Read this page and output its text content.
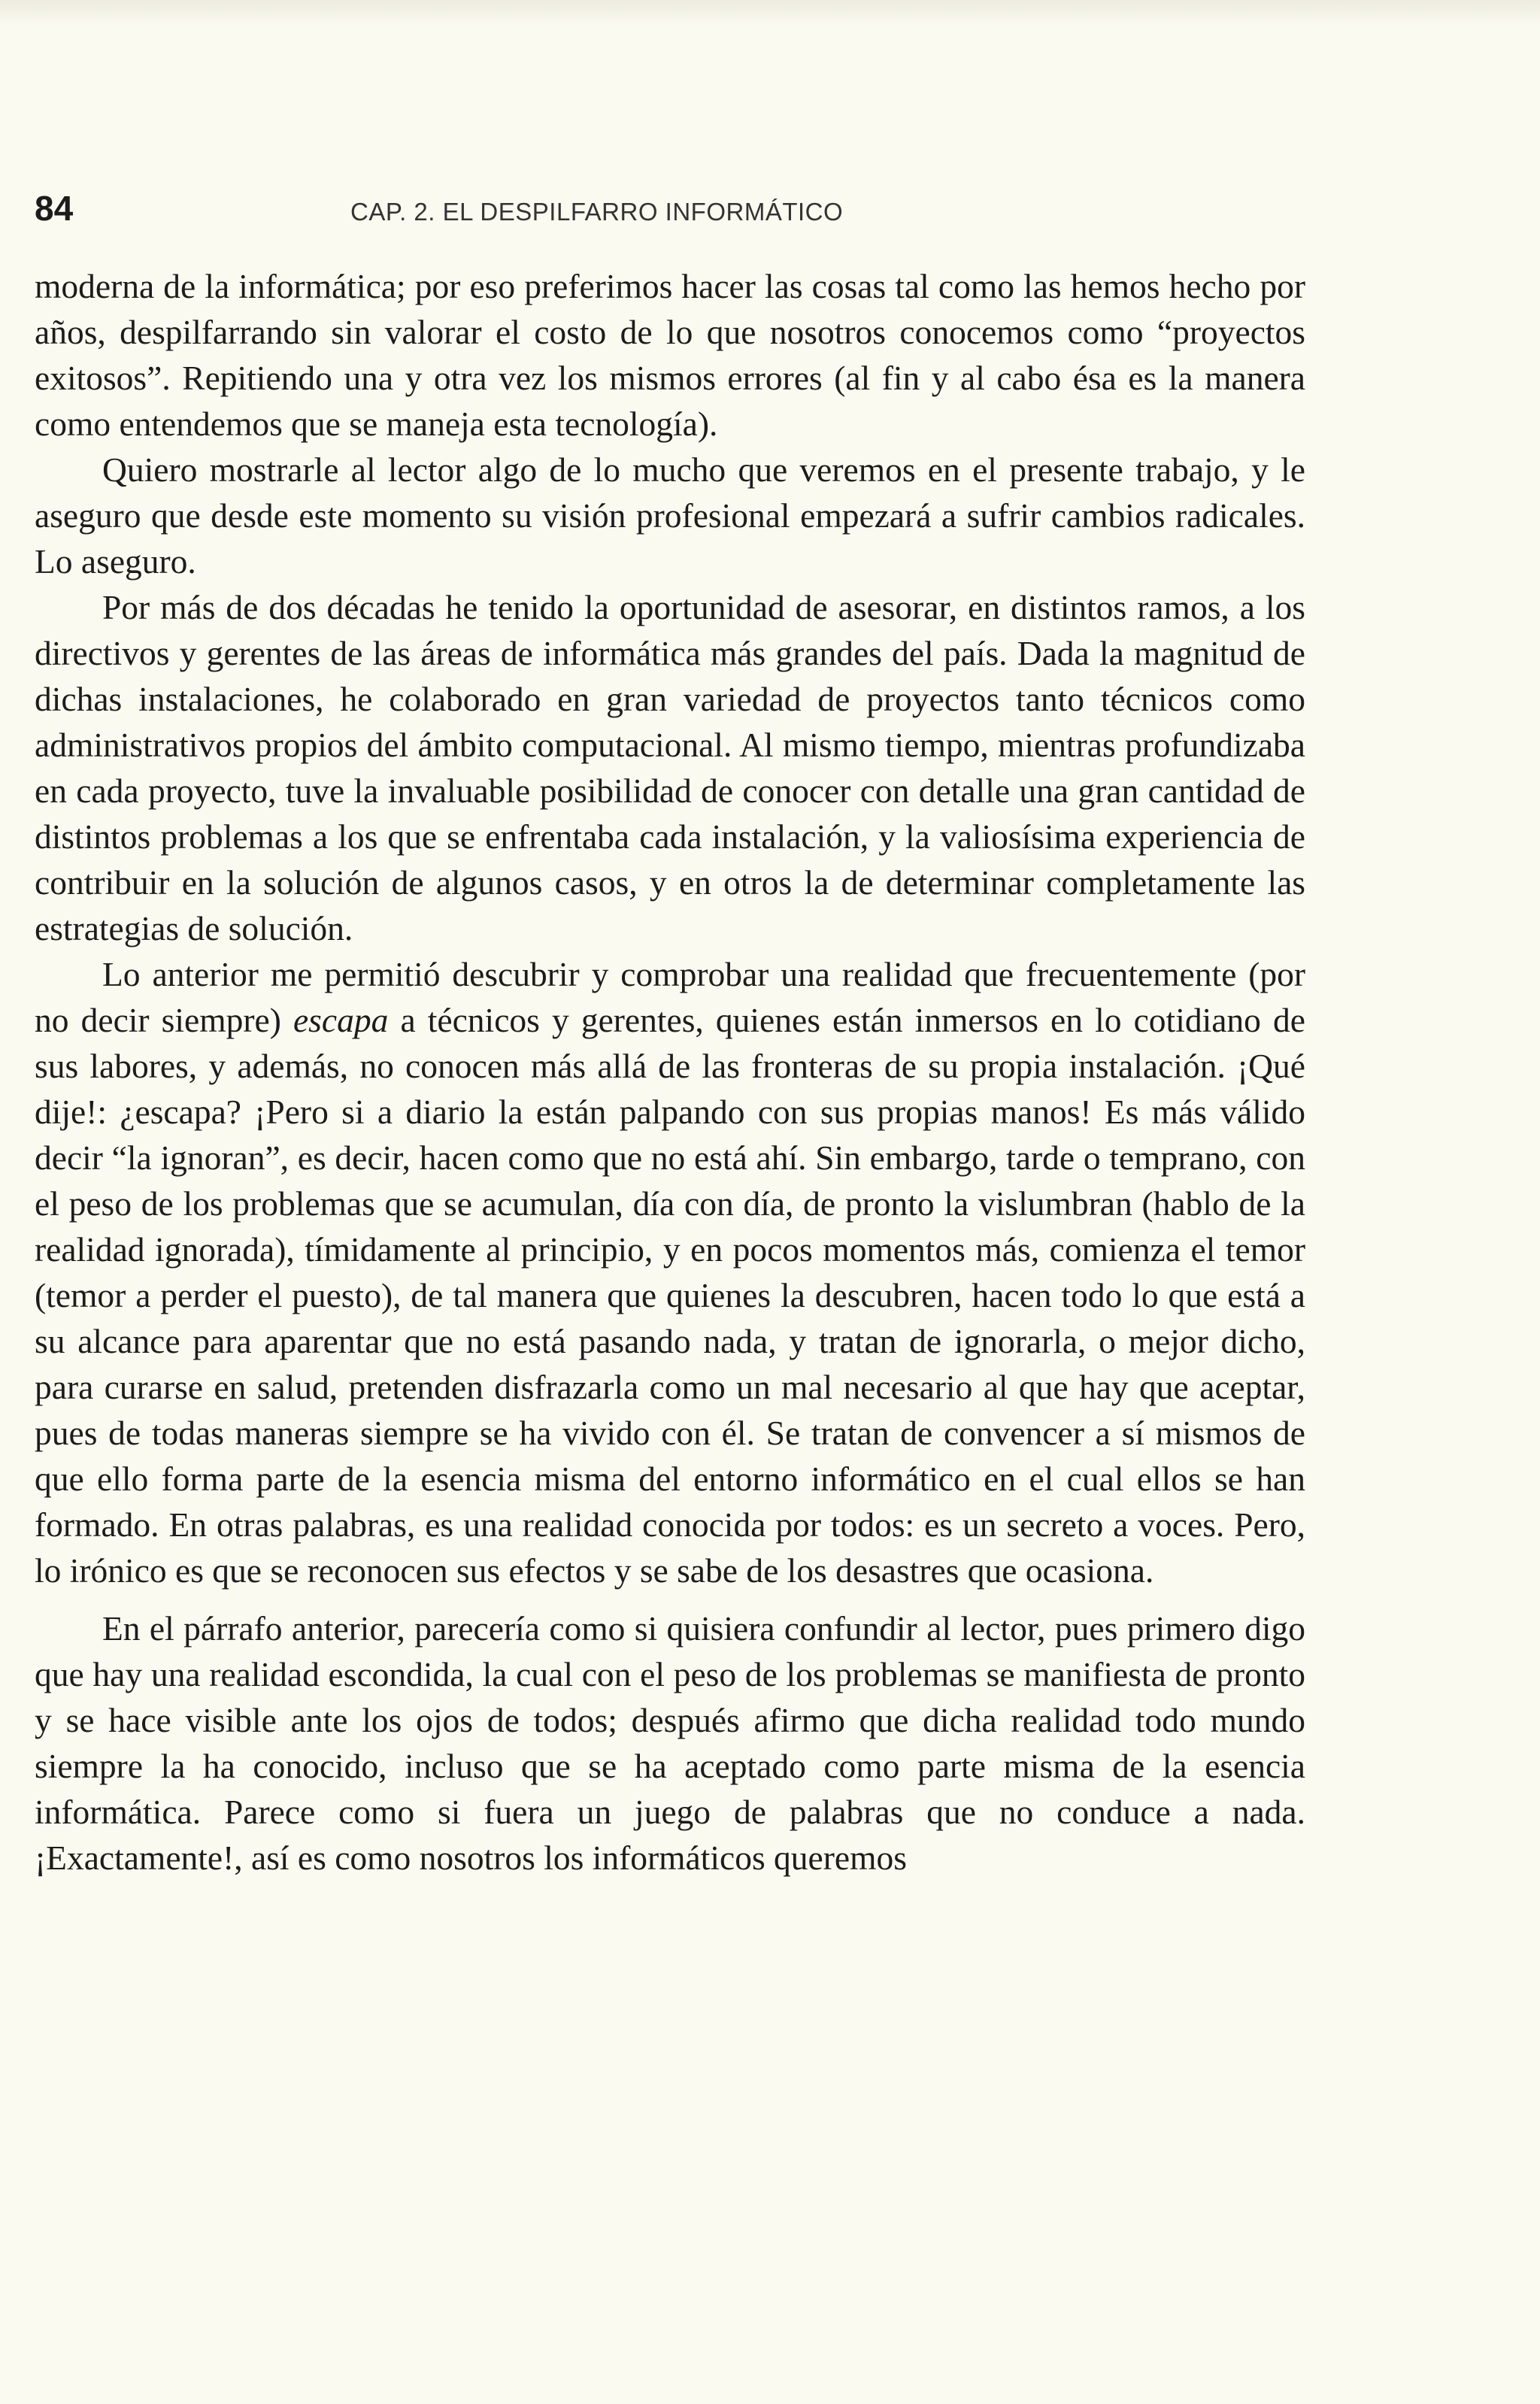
84	CAP. 2. EL DESPILFARRO INFORMÁTICO

moderna de la informática; por eso preferimos hacer las cosas tal como las hemos hecho por años, despilfarrando sin valorar el costo de lo que nosotros conocemos como “proyectos exitosos”. Repitiendo una y otra vez los mismos errores (al fin y al cabo ésa es la manera como entendemos que se maneja esta tecnología).

Quiero mostrarle al lector algo de lo mucho que veremos en el presente trabajo, y le aseguro que desde este momento su visión profesional empezará a sufrir cambios radicales. Lo aseguro.

Por más de dos décadas he tenido la oportunidad de asesorar, en distintos ramos, a los directivos y gerentes de las áreas de informática más grandes del país. Dada la magnitud de dichas instalaciones, he colaborado en gran variedad de proyectos tanto técnicos como administrativos propios del ámbito computacional. Al mismo tiempo, mientras profundizaba en cada proyecto, tuve la invaluable posibilidad de conocer con detalle una gran cantidad de distintos problemas a los que se enfrentaba cada instalación, y la valiosísima experiencia de contribuir en la solución de algunos casos, y en otros la de determinar completamente las estrategias de solución.

Lo anterior me permitió descubrir y comprobar una realidad que frecuentemente (por no decir siempre) escapa a técnicos y gerentes, quienes están inmersos en lo cotidiano de sus labores, y además, no conocen más allá de las fronteras de su propia instalación. ¡Qué dije!: ¿escapa? ¡Pero si a diario la están palpando con sus propias manos! Es más válido decir “la ignoran”, es decir, hacen como que no está ahí. Sin embargo, tarde o temprano, con el peso de los problemas que se acumulan, día con día, de pronto la vislumbran (hablo de la realidad ignorada), tímidamente al principio, y en pocos momentos más, comienza el temor (temor a perder el puesto), de tal manera que quienes la descubren, hacen todo lo que está a su alcance para aparentar que no está pasando nada, y tratan de ignorarla, o mejor dicho, para curarse en salud, pretenden disfrazarla como un mal necesario al que hay que aceptar, pues de todas maneras siempre se ha vivido con él. Se tratan de convencer a sí mismos de que ello forma parte de la esencia misma del entorno informático en el cual ellos se han formado. En otras palabras, es una realidad conocida por todos: es un secreto a voces. Pero, lo irónico es que se reconocen sus efectos y se sabe de los desastres que ocasiona.

En el párrafo anterior, parecería como si quisiera confundir al lector, pues primero digo que hay una realidad escondida, la cual con el peso de los problemas se manifiesta de pronto y se hace visible ante los ojos de todos; después afirmo que dicha realidad todo mundo siempre la ha conocido, incluso que se ha aceptado como parte misma de la esencia informática. Parece como si fuera un juego de palabras que no conduce a nada. ¡Exactamente!, así es como nosotros los informáticos queremos
